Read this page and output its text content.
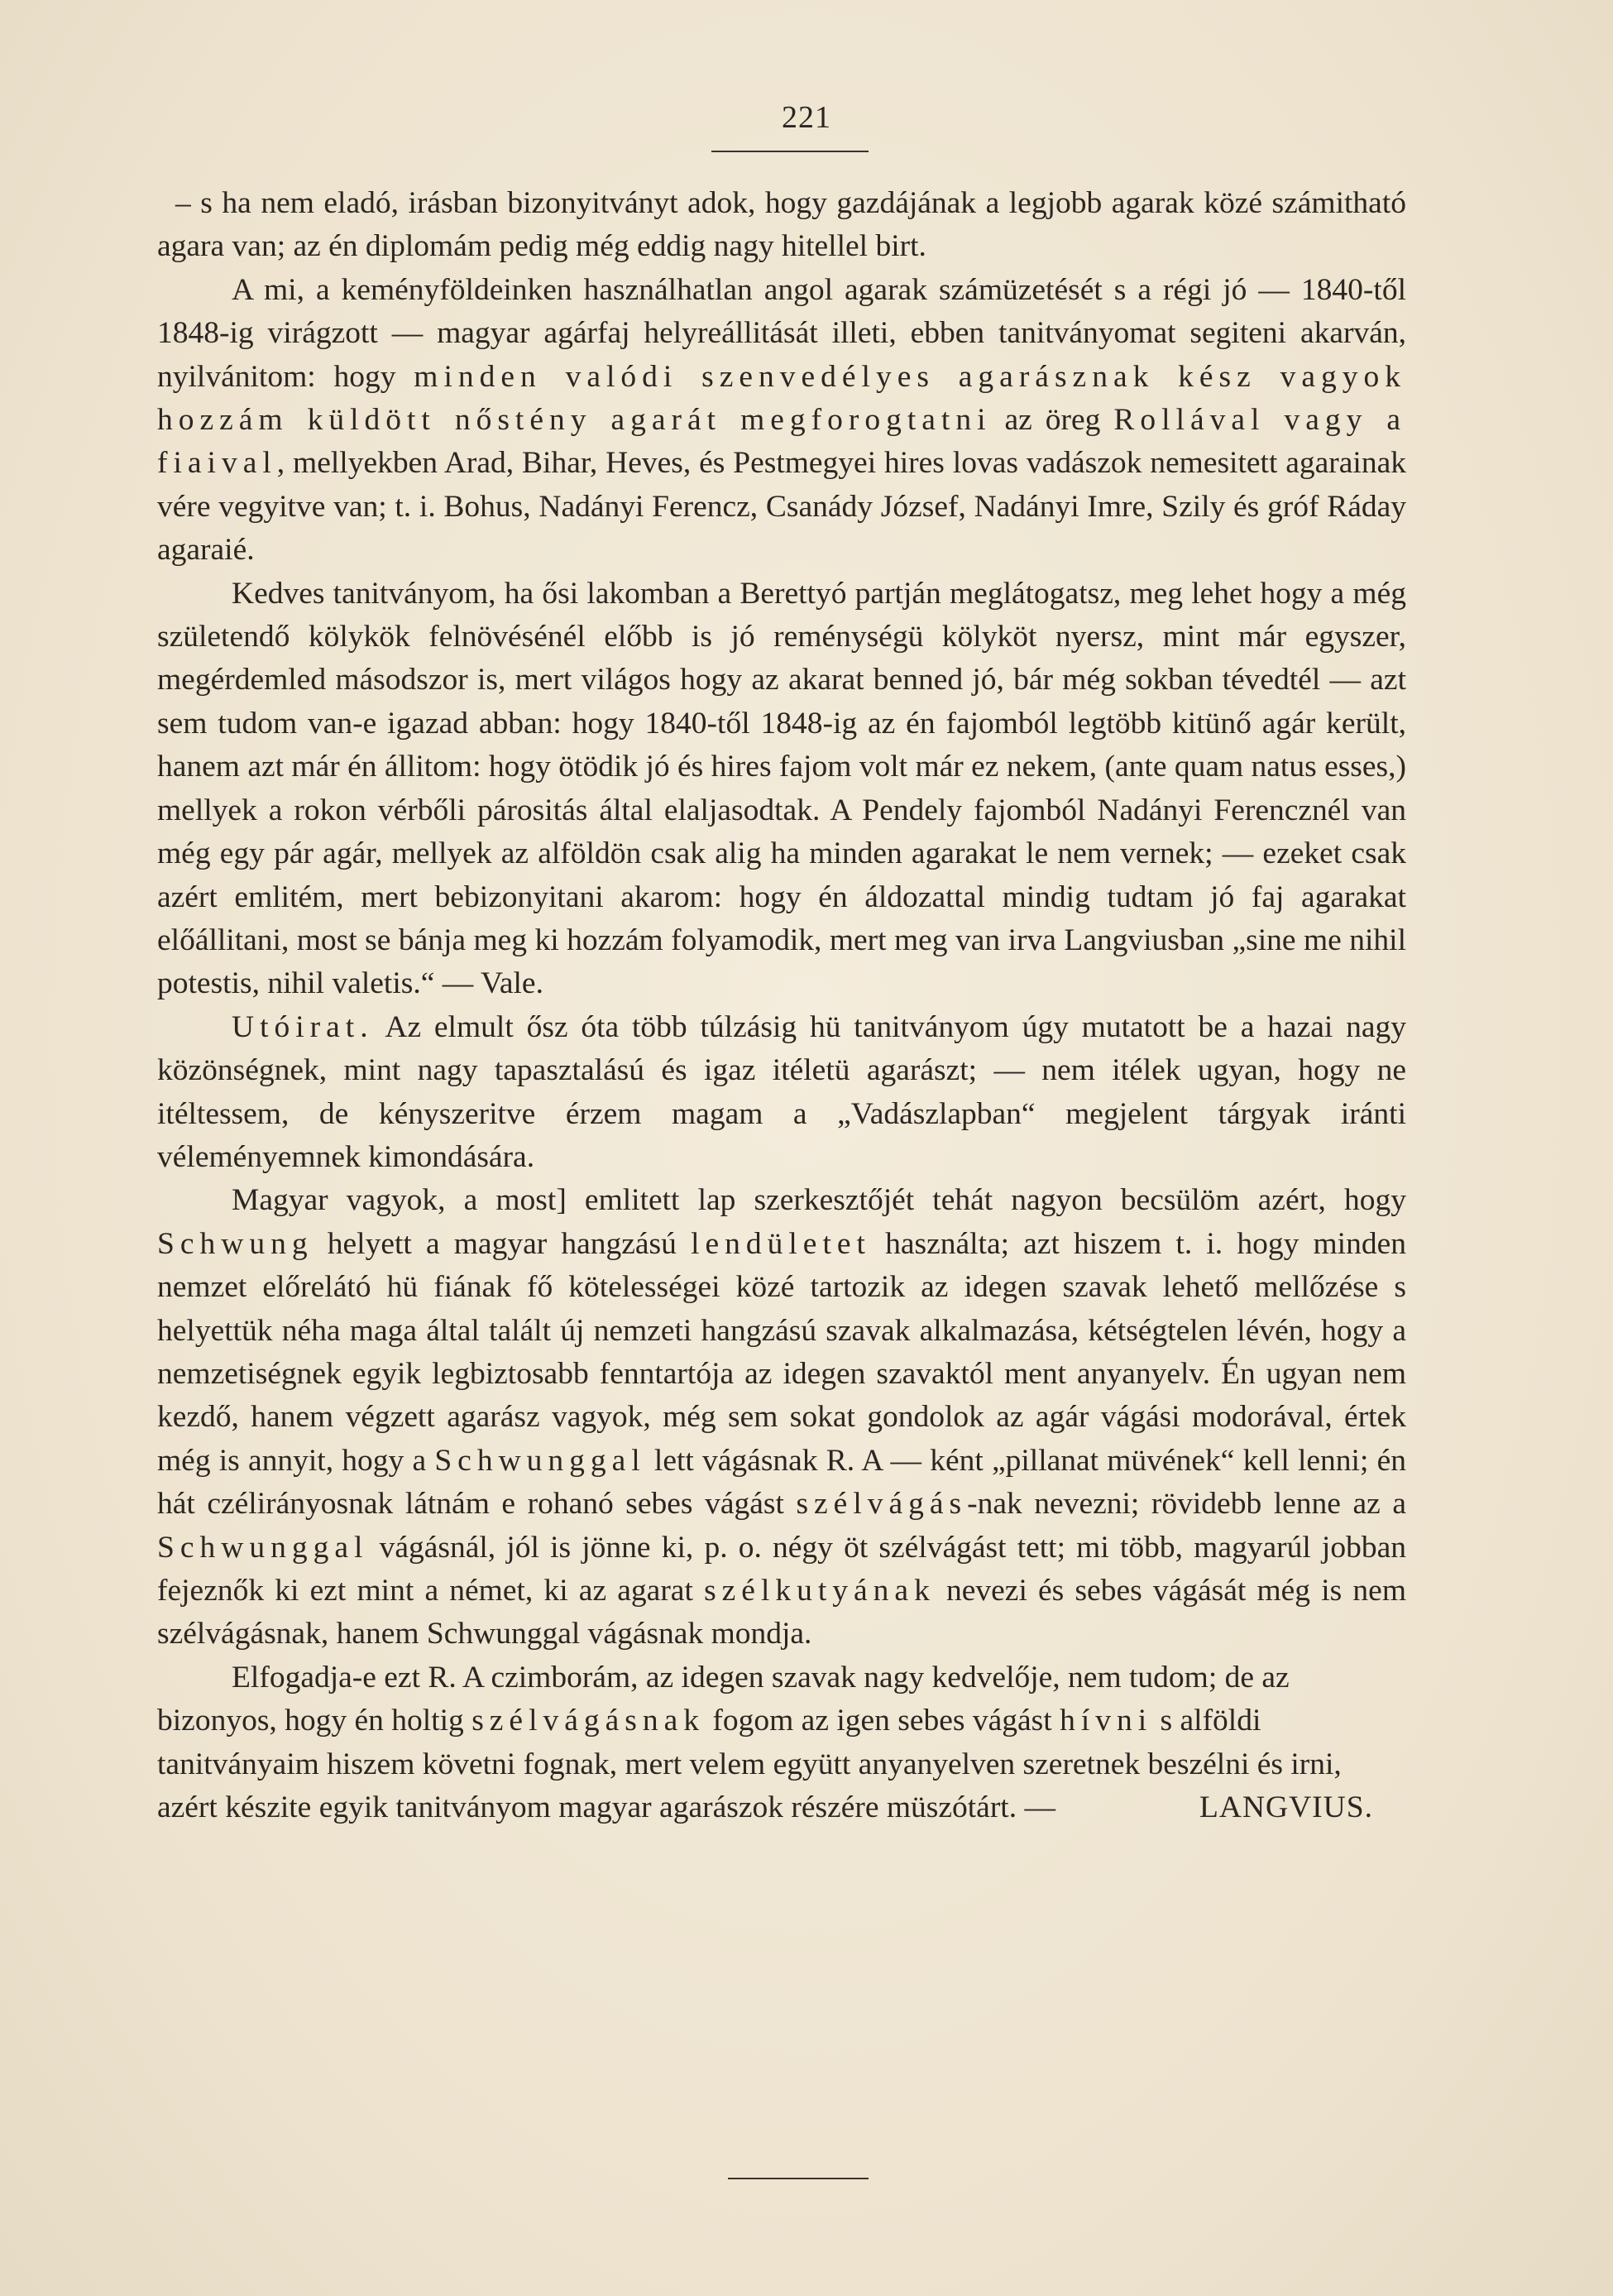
221

– s ha nem eladó, irásban bizonyitványt adok, hogy gazdájának a legjobb agarak közé számitható agara van; az én diplomám pedig még eddig nagy hitellel birt.

A mi, a keményföldeinken használhatlan angol agarak számüzetését s a régi jó — 1840-től 1848-ig virágzott — magyar agárfaj helyreállitását illeti, ebben tanitványomat segiteni akarván, nyilvánitom: hogy minden valódi szenvedélyes agarásznak kész vagyok hozzám küldött nőstény agarát megforogtatni az öreg Rollával vagy a fiaival, mellyekben Arad, Bihar, Heves, és Pestmegyei hires lovas vadászok nemesitett agarainak vére vegyitve van; t. i. Bohus, Nadányi Ferencz, Csanády József, Nadányi Imre, Szily és gróf Ráday agaraié.

Kedves tanitványom, ha ősi lakomban a Berettyó partján meglátogatsz, meg lehet hogy a még születendő kölykök felnövésénél előbb is jó reménységü kölyköt nyersz, mint már egyszer, megérdemled másodszor is, mert világos hogy az akarat benned jó, bár még sokban tévedtél — azt sem tudom van-e igazad abban: hogy 1840-től 1848-ig az én fajomból legtöbb kitünő agár került, hanem azt már én állitom: hogy ötödik jó és hires fajom volt már ez nekem, (ante quam natus esses,) mellyek a rokon vérbőli párositás által elaljasodtak. A Pendely fajomból Nadányi Ferencznél van még egy pár agár, mellyek az alföldön csak alig ha minden agarakat le nem vernek; — ezeket csak azért emlitém, mert bebizonyitani akarom: hogy én áldozattal mindig tudtam jó faj agarakat előállitani, most se bánja meg ki hozzám folyamodik, mert meg van irva Langviusban „sine me nihil potestis, nihil valetis.“ — Vale.

Utóirat. Az elmult ősz óta több túlzásig hü tanitványom úgy mutatott be a hazai nagy közönségnek, mint nagy tapasztalású és igaz itéletü agarászt; — nem itélek ugyan, hogy ne itéltessem, de kényszeritve érzem magam a „Vadászlapban“ megjelent tárgyak iránti véleményemnek kimondására.

Magyar vagyok, a most] emlitett lap szerkesztőjét tehát nagyon becsülöm azért, hogy Schwung helyett a magyar hangzású lendületet használta; azt hiszem t. i. hogy minden nemzet előrelátó hü fiának fő kötelességei közé tartozik az idegen szavak lehető mellőzése s helyettük néha maga által talált új nemzeti hangzású szavak alkalmazása, kétségtelen lévén, hogy a nemzetiségnek egyik legbiztosabb fenntartója az idegen szavaktól ment anyanyelv. Én ugyan nem kezdő, hanem végzett agarász vagyok, még sem sokat gondolok az agár vágási modorával, értek még is annyit, hogy a Schwunggal lett vágásnak R. A — ként „pillanat müvének“ kell lenni; én hát czélirányosnak látnám e rohanó sebes vágást szélvágás-nak nevezni; rövidebb lenne az a Schwunggal vágásnál, jól is jönne ki, p. o. négy öt szélvágást tett; mi több, magyarúl jobban fejeznők ki ezt mint a német, ki az agarat szélkutyának nevezi és sebes vágását még is nem szélvágásnak, hanem Schwunggal vágásnak mondja.

Elfogadja-e ezt R. A czimborám, az idegen szavak nagy kedvelője, nem tudom; de az bizonyos, hogy én holtig szélvágásnak fogom az igen sebes vágást hívni s alföldi tanitványaim hiszem követni fognak, mert velem együtt anyanyelven szeretnek beszélni és irni, azért készite egyik tanitványom magyar agarászok részére müszótárt. —	LANGVIUS.
